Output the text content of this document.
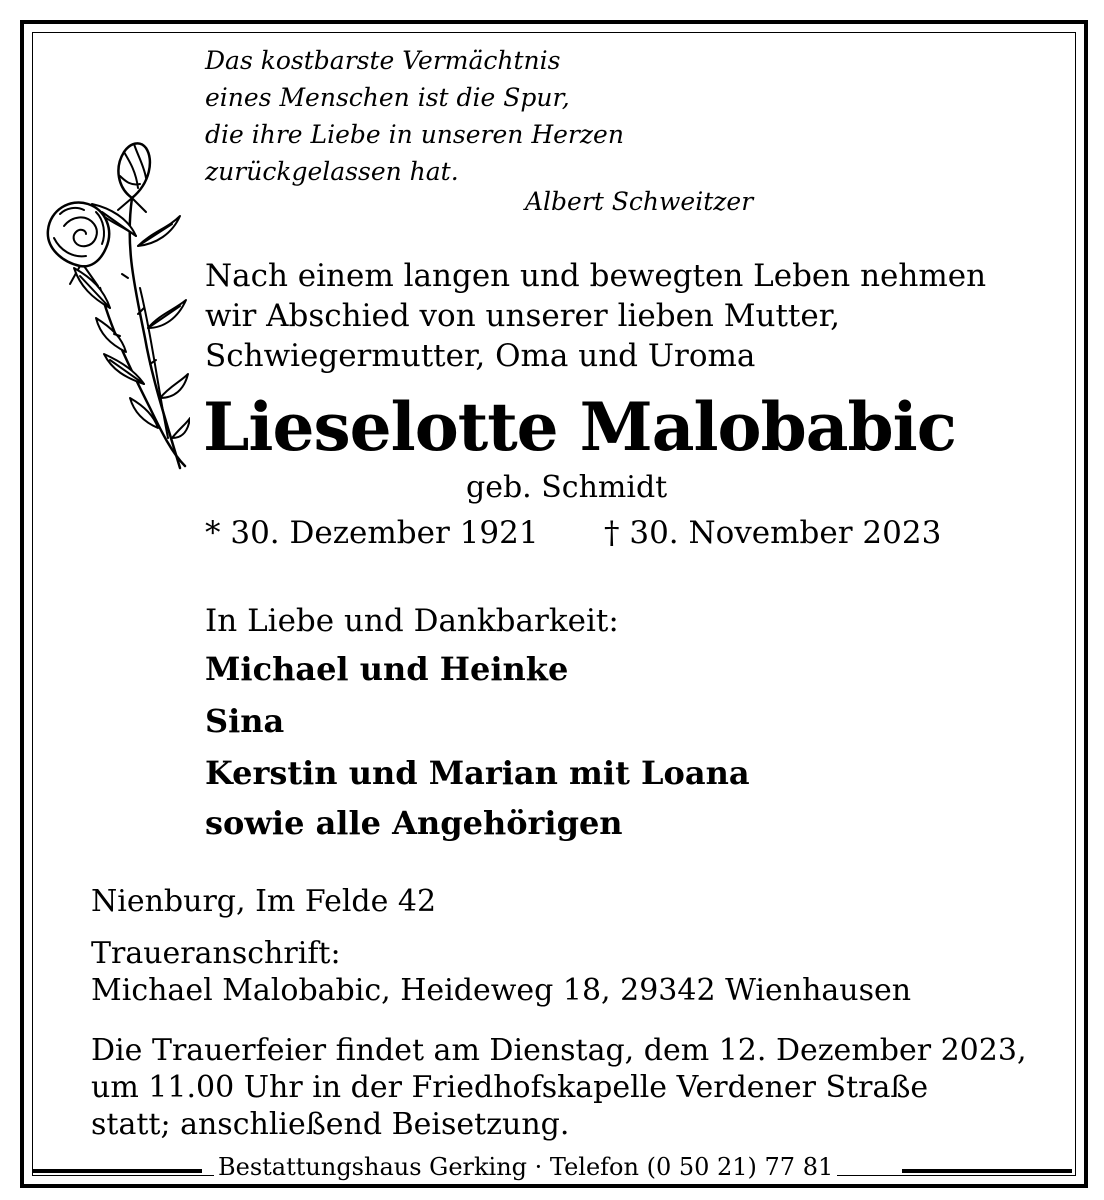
Das kostbarste Vermächtnis
eines Menschen ist die Spur,
die ihre Liebe in unseren Herzen
zurückgelassen hat.
Albert Schweitzer
Nach einem langen und bewegten Leben nehmen
wir Abschied von unserer lieben Mutter,
Schwiegermutter, Oma und Uroma
Lieselotte Malobabic
geb. Schmidt
* 30. Dezember 1921 † 30. November 2023
In Liebe und Dankbarkeit:
Michael und Heinke
Sina
Kerstin und Marian mit Loana
sowie alle Angehörigen
Nienburg, Im Felde 42
Traueranschrift:
Michael Malobabic, Heideweg 18, 29342 Wienhausen
Die Trauerfeier findet am Dienstag, dem 12. Dezember 2023,
um 11.00 Uhr in der Friedhofskapelle Verdener Straße
statt; anschließend Beisetzung.
Bestattungshaus Gerking · Telefon (0 50 21) 77 81
